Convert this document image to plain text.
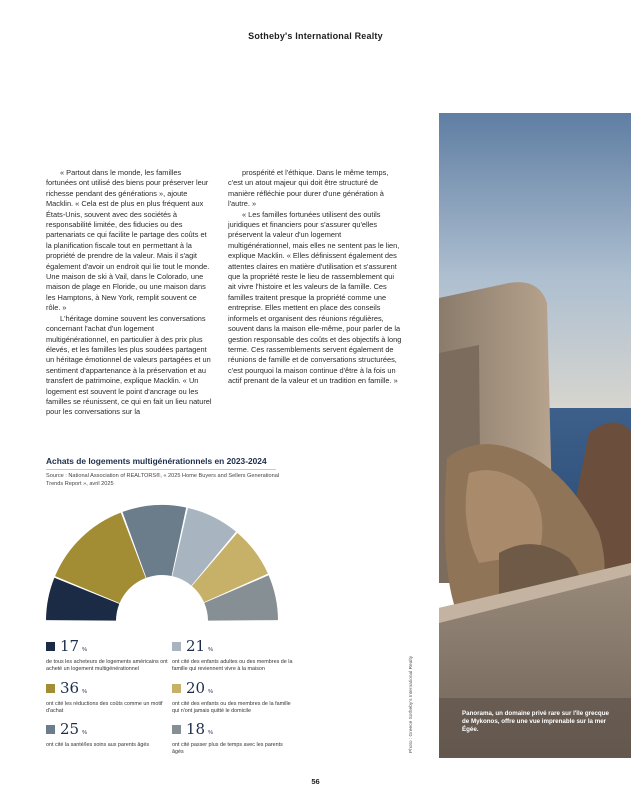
Sotheby's International Realty

« Partout dans le monde, les familles fortunées ont utilisé des biens pour préserver leur richesse pendant des générations », ajoute Macklin. « Cela est de plus en plus fréquent aux États-Unis, souvent avec des sociétés à responsabilité limitée, des fiducies ou des partenariats ce qui facilite le partage des coûts et la planification fiscale tout en permettant à la propriété de prendre de la valeur. Mais il s'agit également d'avoir un endroit qui lie tout le monde. Une maison de ski à Vail, dans le Colorado, une maison de plage en Floride, ou une maison dans les Hamptons, à New York, remplit souvent ce rôle. »

L'héritage domine souvent les conversations concernant l'achat d'un logement multigénérationnel, en particulier à des prix plus élevés, et les familles les plus soudées partagent un héritage émotionnel de valeurs partagées et un sentiment d'appartenance à la préservation et au transfert de patrimoine, explique Macklin. « Un logement est souvent le point d'ancrage ou les familles se réunissent, ce qui en fait un lieu naturel pour les conversations sur la

prospérité et l'éthique. Dans le même temps, c'est un atout majeur qui doit être structuré de manière réfléchie pour durer d'une génération à l'autre. »

« Les familles fortunées utilisent des outils juridiques et financiers pour s'assurer qu'elles préservent la valeur d'un logement multigénérationnel, mais elles ne sentent pas le lien, explique Macklin. « Elles définissent également des attentes claires en matière d'utilisation et s'assurent que la propriété reste le lieu de rassemblement qui ait vivre l'histoire et les valeurs de la famille. Ces familles traitent presque la propriété comme une entreprise. Elles mettent en place des conseils informels et organisent des réunions régulières, souvent dans la maison elle-même, pour parler de la gestion responsable des coûts et des objectifs à long terme. Ces rassemblements servent également de réunions de famille et de conversations structurées, c'est pourquoi la maison continue d'être à la fois un actif prenant de la valeur et un tradition en famille. »

Panorama, un domaine privé rare sur l'île grecque de Mykonos, offre une vue imprenable sur la mer Égée.
Photo : Greece Sotheby's International Realty
Achats de logements multigénérationnels en 2023-2024
Source : National Association of REALTORS®, « 2025 Home Buyers and Sellers Generational Trends Report », avril 2025
17 %
de tous les acheteurs de logements américains ont acheté un logement multigénérationnel
36 %
ont cité les réductions des coûts comme un motif d'achat
25 %
ont cité la santé/les soins aux parents âgés
21 %
ont cité des enfants adultes ou des membres de la famille qui reviennent vivre à la maison
20 %
ont cité des enfants ou des membres de la famille qui n'ont jamais quitté le domicile
18 %
ont cité passer plus de temps avec les parents âgés
56
